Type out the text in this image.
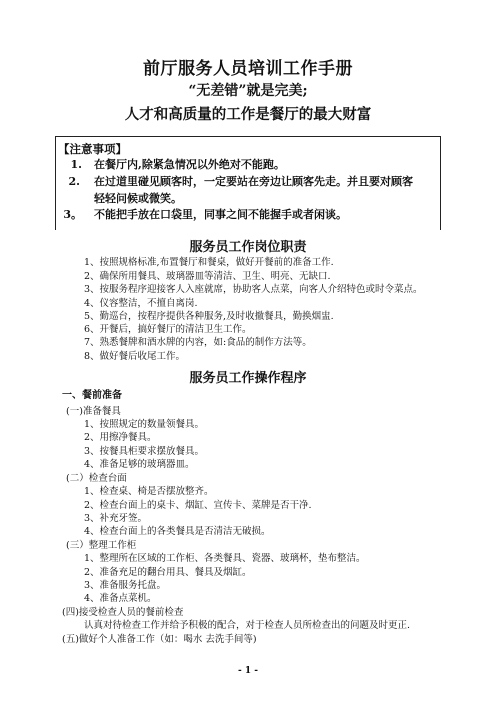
前厅服务人员培训工作手册
“无差错”就是完美;
人才和高质量的工作是餐厅的最大财富
【注意事项】
1. 在餐厅内,除紧急情况以外绝对不能跑。
2. 在过道里碰见顾客时，一定要站在旁边让顾客先走。并且要对顾客
轻轻问候或微笑。
3。 不能把手放在口袋里，同事之间不能握手或者闲谈。
服务员工作岗位职责
1、按照规格标准,布置餐厅和餐桌，做好开餐前的准备工作.
2、确保所用餐具、玻璃器皿等清洁、卫生、明亮、无缺口.
3、按服务程序迎接客人入座就席，协助客人点菜，向客人介绍特色或时令菜点。
4、仪容整洁，不擅自离岗.
5、勤巡台，按程序提供各种服务,及时收撤餐具，勤换烟盅.
6、开餐后，搞好餐厅的清洁卫生工作。
7、熟悉餐牌和酒水牌的内容，如:食品的制作方法等。
8、做好餐后收尾工作。
服务员工作操作程序
一、餐前准备
(一)准备餐具
1、按照规定的数量领餐具。
2、用擦净餐具。
3、按餐具柜要求摆放餐具。
4、准备足够的玻璃器皿。
(二）检查台面
1、检查桌、椅是否摆放整齐。
2、检查台面上的桌卡、烟缸、宣传卡、菜牌是否干净.
3、补充牙签。
4、检查台面上的各类餐具是否清洁无破损。
(三）整理工作柜
1、整理所在区域的工作柜、各类餐具、瓷器、玻璃杯，垫布整洁。
2、准备充足的翻台用具、餐具及烟缸。
3、准备服务托盘。
4、准备点菜机。
(四)接受检查人员的餐前检查
认真对待检查工作并给予积极的配合，对于检查人员所检查出的问题及时更正.
(五)做好个人准备工作（如：喝水 去洗手间等)
- 1 -
